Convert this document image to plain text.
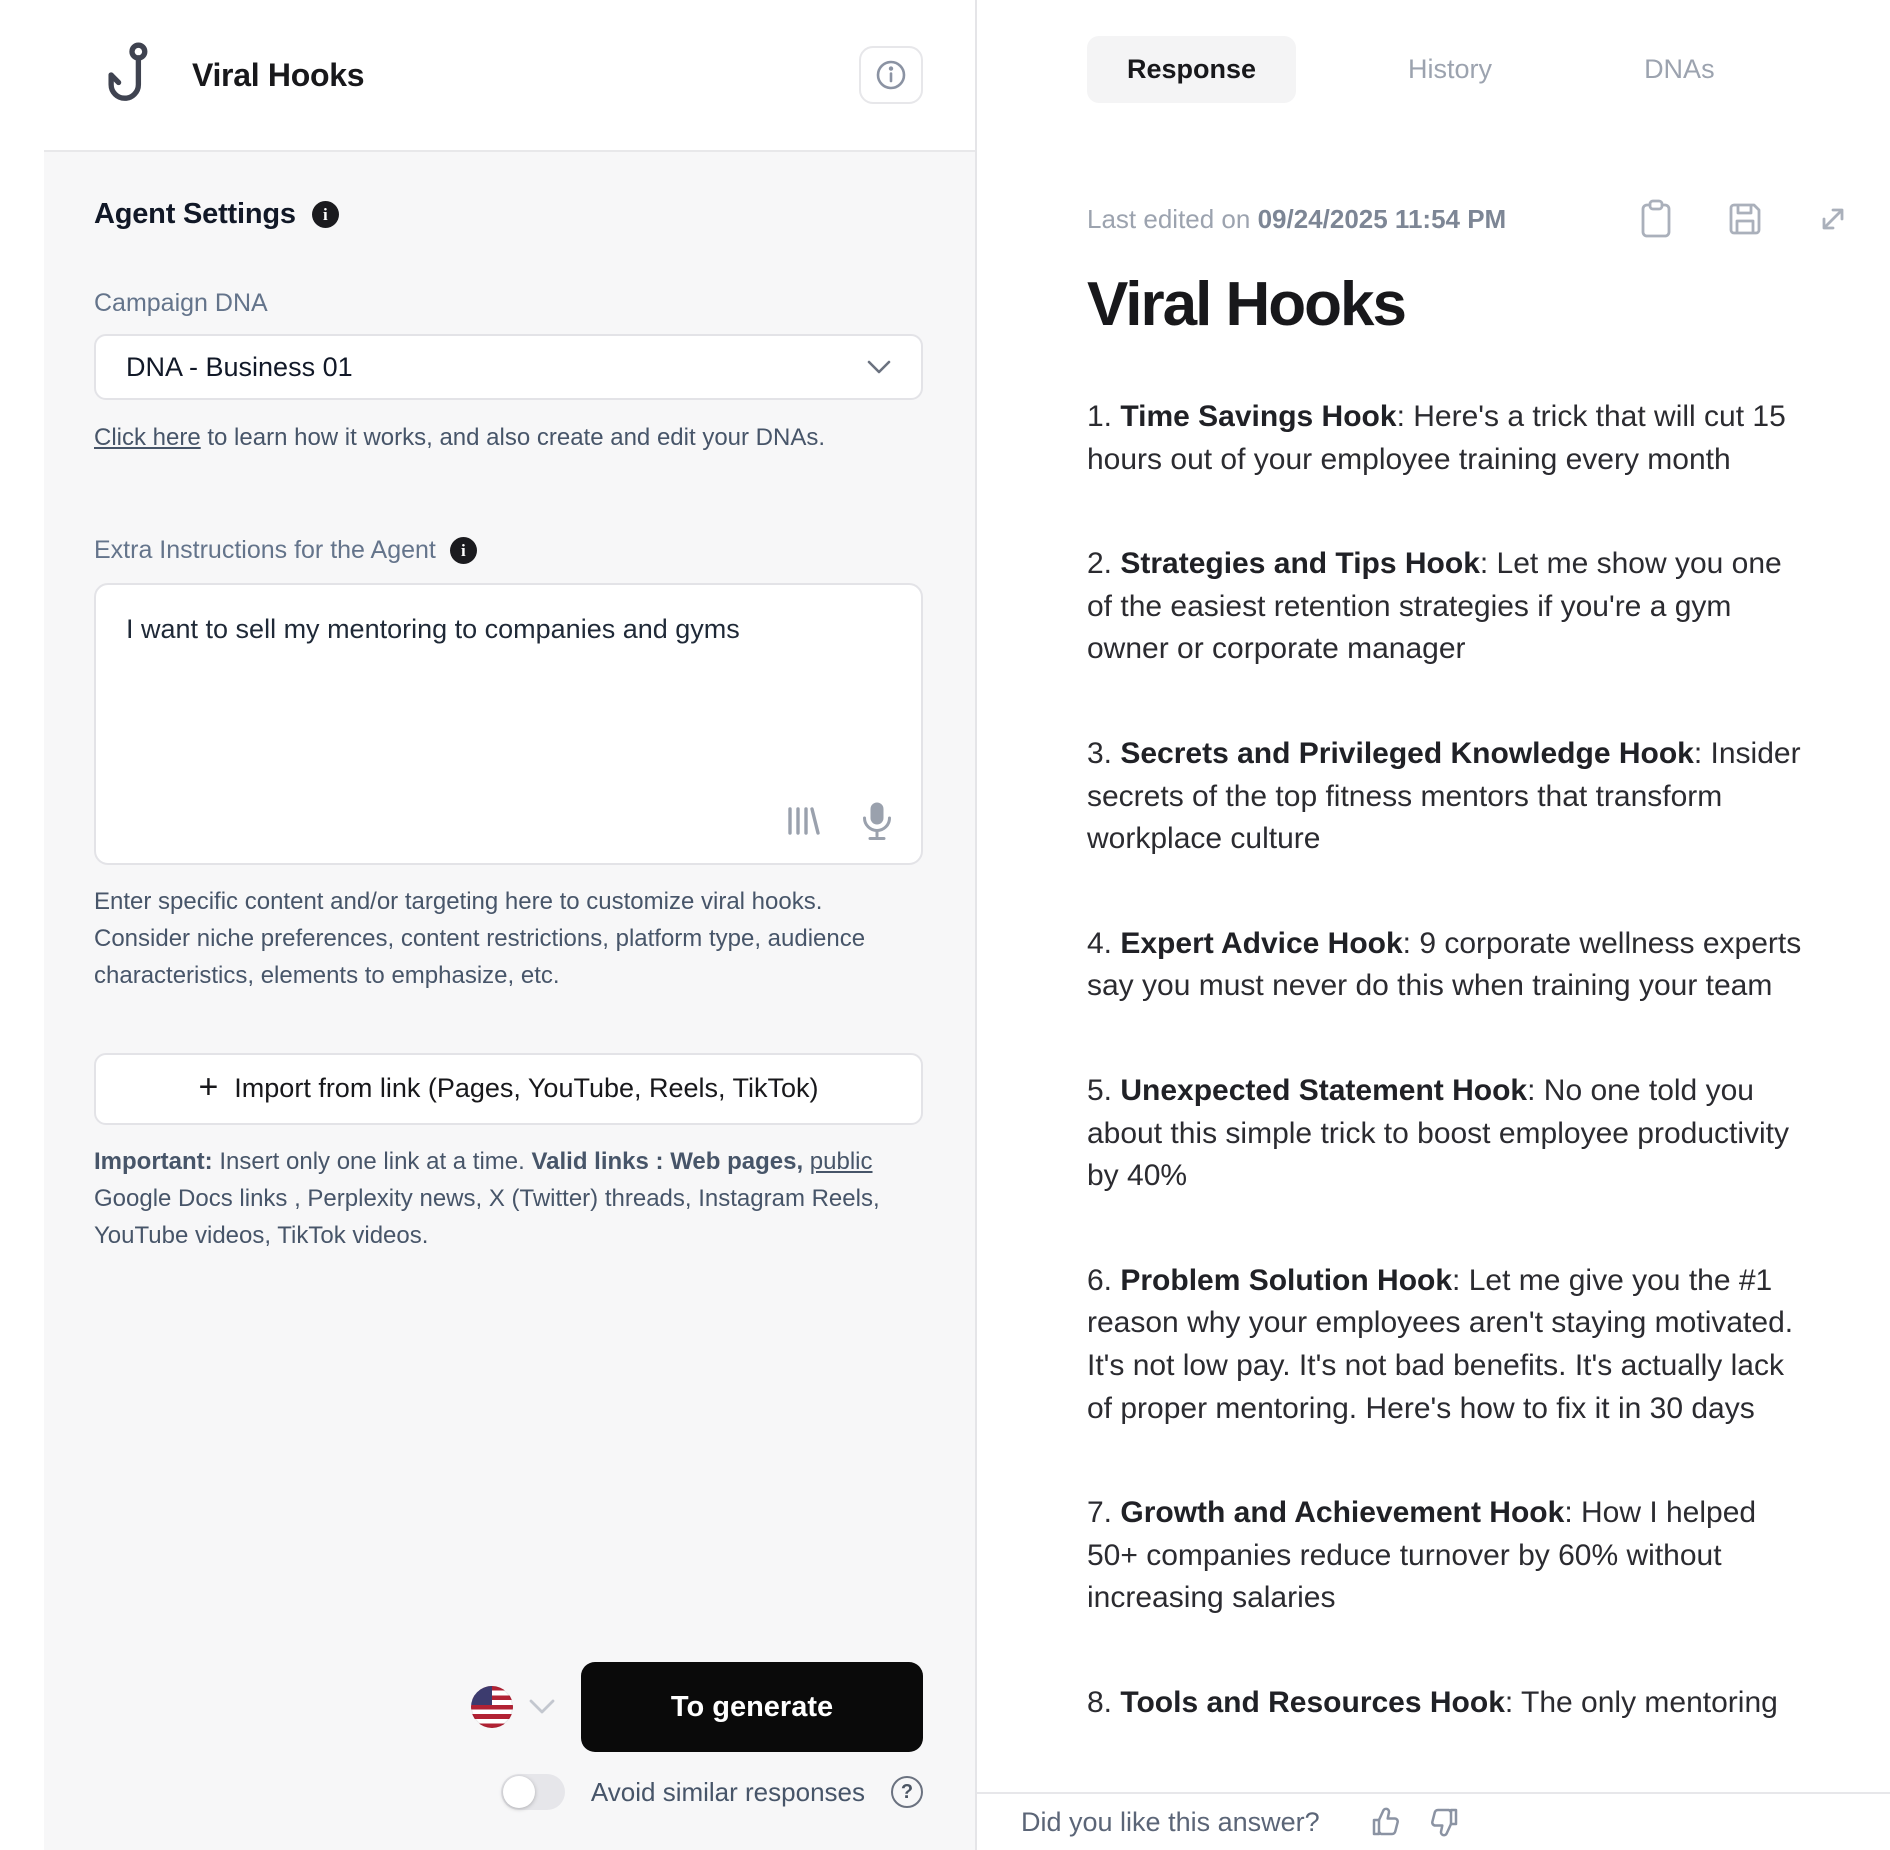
Viral Hooks
Agent Settings	i
Campaign DNA
DNA - Business 01
Click here to learn how it works, and also create and edit your DNAs.
Extra Instructions for the Agent	i
I want to sell my mentoring to companies and gyms
Enter specific content and/or targeting here to customize viral hooks. Consider niche preferences, content restrictions, platform type, audience characteristics, elements to emphasize, etc.
+ Import from link (Pages, YouTube, Reels, TikTok)
Important: Insert only one link at a time. Valid links : Web pages, public Google Docs links , Perplexity news, X (Twitter) threads, Instagram Reels, YouTube videos, TikTok videos.
To generate
Avoid similar responses	?
Response	History	DNAs
Last edited on 09/24/2025 11:54 PM
Viral Hooks
1. Time Savings Hook: Here's a trick that will cut 15 hours out of your employee training every month
2. Strategies and Tips Hook: Let me show you one of the easiest retention strategies if you're a gym owner or corporate manager
3. Secrets and Privileged Knowledge Hook: Insider secrets of the top fitness mentors that transform workplace culture
4. Expert Advice Hook: 9 corporate wellness experts say you must never do this when training your team
5. Unexpected Statement Hook: No one told you about this simple trick to boost employee productivity by 40%
6. Problem Solution Hook: Let me give you the #1 reason why your employees aren't staying motivated. It's not low pay. It's not bad benefits. It's actually lack of proper mentoring. Here's how to fix it in 30 days
7. Growth and Achievement Hook: How I helped 50+ companies reduce turnover by 60% without increasing salaries
8. Tools and Resources Hook: The only mentoring
Did you like this answer?
